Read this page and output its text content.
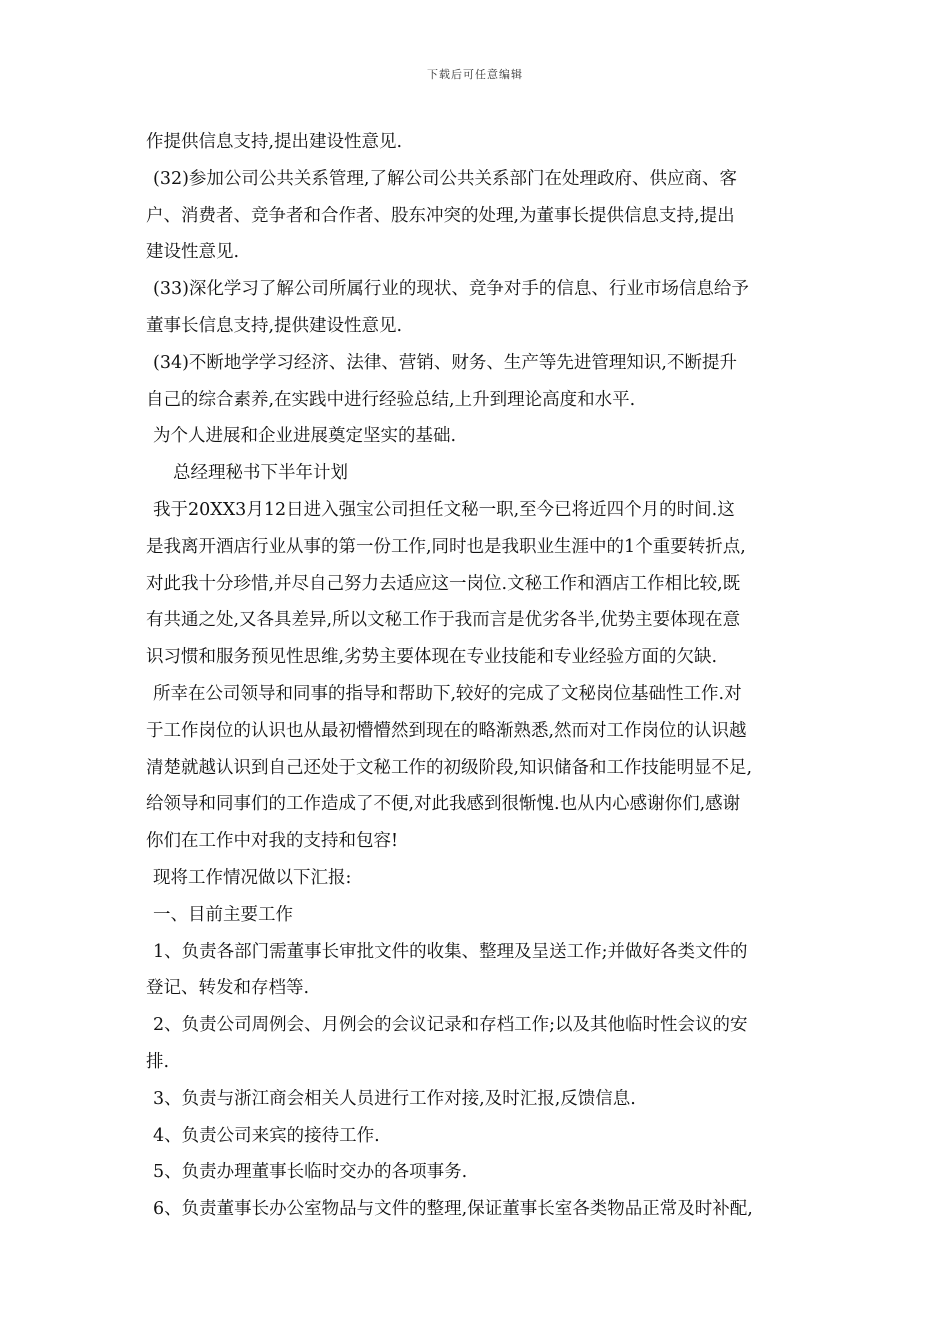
下载后可任意编辑
作提供信息支持,提出建设性意见.
(32)参加公司公共关系管理,了解公司公共关系部门在处理政府、供应商、客
户、消费者、竞争者和合作者、股东冲突的处理,为董事长提供信息支持,提出
建设性意见.
(33)深化学习了解公司所属行业的现状、竞争对手的信息、行业市场信息给予
董事长信息支持,提供建设性意见.
(34)不断地学学习经济、法律、营销、财务、生产等先进管理知识,不断提升
自己的综合素养,在实践中进行经验总结,上升到理论高度和水平.
为个人进展和企业进展奠定坚实的基础.
总经理秘书下半年计划
我于20XX3月12日进入强宝公司担任文秘一职,至今已将近四个月的时间.这
是我离开酒店行业从事的第一份工作,同时也是我职业生涯中的1个重要转折点,
对此我十分珍惜,并尽自己努力去适应这一岗位.文秘工作和酒店工作相比较,既
有共通之处,又各具差异,所以文秘工作于我而言是优劣各半,优势主要体现在意
识习惯和服务预见性思维,劣势主要体现在专业技能和专业经验方面的欠缺.
所幸在公司领导和同事的指导和帮助下,较好的完成了文秘岗位基础性工作.对
于工作岗位的认识也从最初懵懵然到现在的略渐熟悉,然而对工作岗位的认识越
清楚就越认识到自己还处于文秘工作的初级阶段,知识储备和工作技能明显不足,
给领导和同事们的工作造成了不便,对此我感到很惭愧.也从内心感谢你们,感谢
你们在工作中对我的支持和包容!
现将工作情况做以下汇报:
一、目前主要工作
1、负责各部门需董事长审批文件的收集、整理及呈送工作;并做好各类文件的
登记、转发和存档等.
2、负责公司周例会、月例会的会议记录和存档工作;以及其他临时性会议的安
排.
3、负责与浙江商会相关人员进行工作对接,及时汇报,反馈信息.
4、负责公司来宾的接待工作.
5、负责办理董事长临时交办的各项事务.
6、负责董事长办公室物品与文件的整理,保证董事长室各类物品正常及时补配,
